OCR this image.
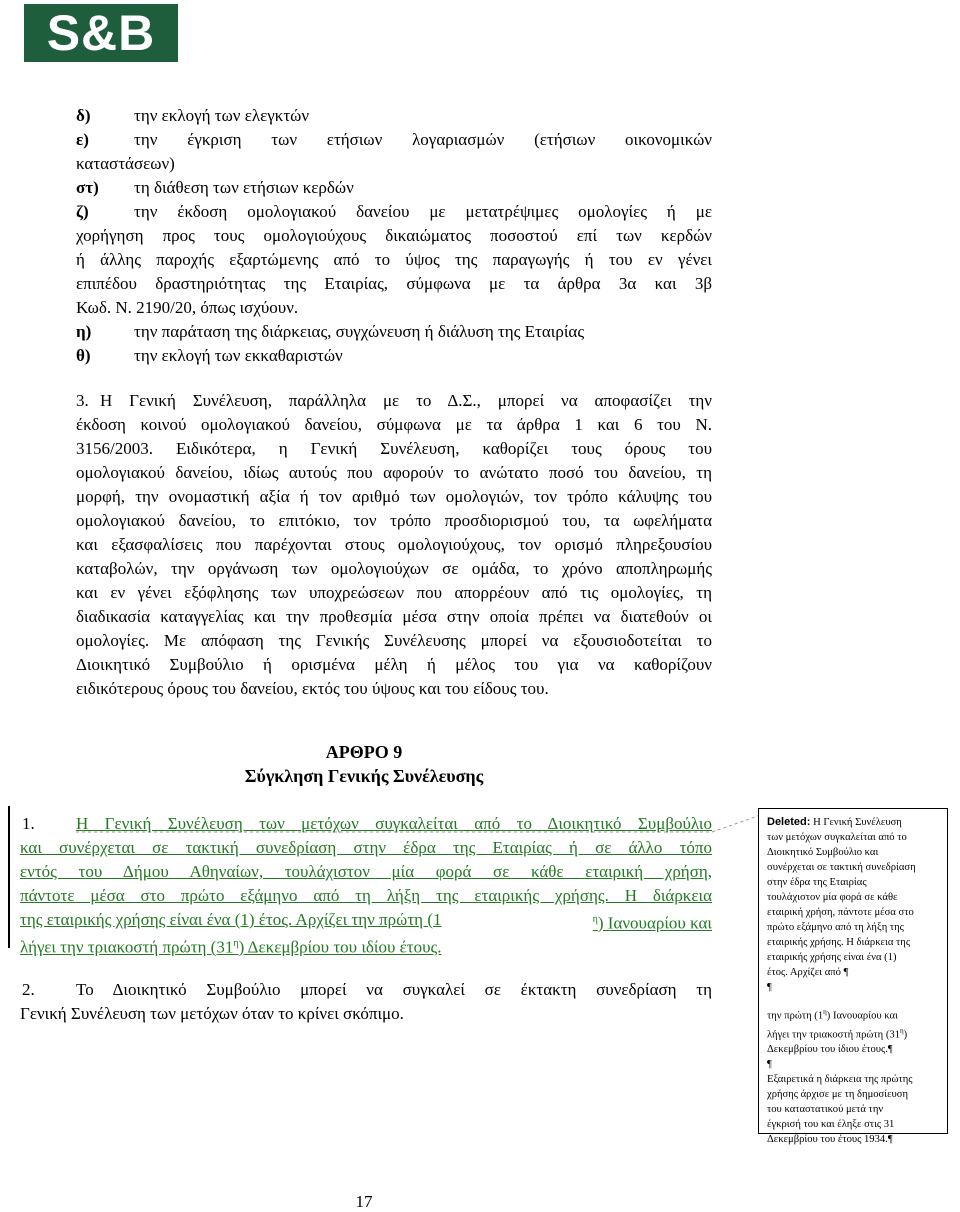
S&B
δ)	την εκλογή των ελεγκτών
ε)	την έγκριση των ετήσιων λογαριασμών (ετήσιων οικονομικών
καταστάσεων)
στ) τη διάθεση των ετήσιων κερδών
ζ)	την έκδοση ομολογιακού δανείου με μετατρέψιμες ομολογίες ή με
χορήγηση προς τους ομολογιούχους δικαιώματος ποσοστού επί των κερδών
ή άλλης παροχής εξαρτώμενης από το ύψος της παραγωγής ή του εν γένει
επιπέδου δραστηριότητας της Εταιρίας, σύμφωνα με τα άρθρα 3α και 3β
Κωδ. Ν. 2190/20, όπως ισχύουν.
η)	την παράταση της διάρκειας, συγχώνευση ή διάλυση της Εταιρίας
θ)	την εκλογή των εκκαθαριστών
3. Η Γενική Συνέλευση, παράλληλα με το Δ.Σ., μπορεί να αποφασίζει την
έκδοση κοινού ομολογιακού δανείου, σύμφωνα με τα άρθρα 1 και 6 του Ν.
3156/2003. Ειδικότερα, η Γενική Συνέλευση, καθορίζει τους όρους του
ομολογιακού δανείου, ιδίως αυτούς που αφορούν το ανώτατο ποσό του δανείου, τη
μορφή, την ονομαστική αξία ή τον αριθμό των ομολογιών, τον τρόπο κάλυψης του
ομολογιακού δανείου, το επιτόκιο, τον τρόπο προσδιορισμού του, τα ωφελήματα
και εξασφαλίσεις που παρέχονται στους ομολογιούχους, τον ορισμό πληρεξουσίου
καταβολών, την οργάνωση των ομολογιούχων σε ομάδα, το χρόνο αποπληρωμής
και εν γένει εξόφλησης των υποχρεώσεων που απορρέουν από τις ομολογίες, τη
διαδικασία καταγγελίας και την προθεσμία μέσα στην οποία πρέπει να διατεθούν οι
ομολογίες. Με απόφαση της Γενικής Συνέλευσης μπορεί να εξουσιοδοτείται το
Διοικητικό Συμβούλιο ή ορισμένα μέλη ή μέλος του για να καθορίζουν
ειδικότερους όρους του δανείου, εκτός του ύψους και του είδους του.
ΑΡΘΡΟ 9
Σύγκληση Γενικής Συνέλευσης
1. Η Γενική Συνέλευση των μετόχων συγκαλείται από το Διοικητικό Συμβούλιο
και συνέρχεται σε τακτική συνεδρίαση στην έδρα της Εταιρίας ή σε άλλο τόπο
εντός του Δήμου Αθηναίων, τουλάχιστον μία φορά σε κάθε εταιρική χρήση,
πάντοτε μέσα στο πρώτο εξάμηνο από τη λήξη της εταιρικής χρήσης. Η διάρκεια
της εταιρικής χρήσης είναι ένα (1) έτος. Αρχίζει την πρώτη (1	$^\eta$) Ιανουαρίου και
λήγει την τριακοστή πρώτη $(31^\eta)$ Δεκεμβρίου του ιδίου έτους.
2. Το Διοικητικό Συμβούλιο μπορεί να συγκαλεί σε έκτακτη συνεδρίαση τη
Γενική Συνέλευση των μετόχων όταν το κρίνει σκόπιμο.
Deleted: Η Γενική Συνέλευση
των μετόχων συγκαλείται από το
Διοικητικό Συμβούλιο και
συνέρχεται σε τακτική συνεδρίαση
στην έδρα της Εταιρίας
τουλάχιστον μία φορά σε κάθε
εταιρική χρήση, πάντοτε μέσα στο
πρώτο εξάμηνο από τη λήξη της
εταιρικής χρήσης. Η διάρκεια της
εταιρικής χρήσης είναι ένα (1)
έτος. Αρχίζει από ¶
¶
την πρώτη $(1^\eta)$ Ιανουαρίου και
λήγει την τριακοστή πρώτη $(31^\eta)$
Δεκεμβρίου του ίδιου έτους.¶
¶
Εξαιρετικά η διάρκεια της πρώτης
χρήσης άρχισε με τη δημοσίευση
του καταστατικού μετά την
έγκρισή του και έληξε στις 31
Δεκεμβρίου του έτους 1934.¶
17
